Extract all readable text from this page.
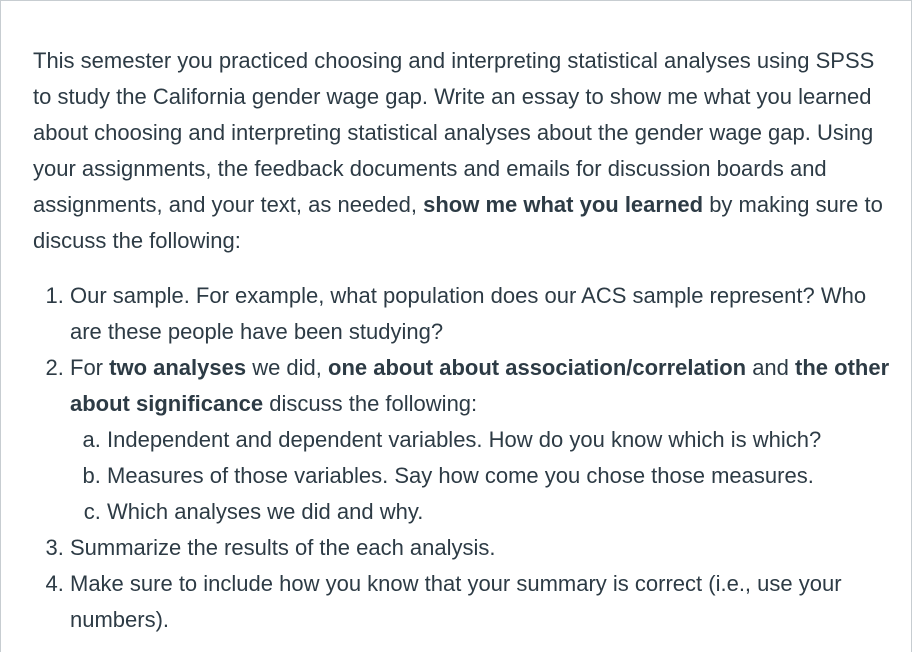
This semester you practiced choosing and interpreting statistical analyses using SPSS to study the California gender wage gap. Write an essay to show me what you learned about choosing and interpreting statistical analyses about the gender wage gap. Using your assignments, the feedback documents and emails for discussion boards and assignments, and your text, as needed, show me what you learned by making sure to discuss the following:

1. Our sample. For example, what population does our ACS sample represent? Who are these people have been studying?
2. For two analyses we did, one about about association/correlation and the other about significance discuss the following:
a. Independent and dependent variables. How do you know which is which?
b. Measures of those variables. Say how come you chose those measures.
c. Which analyses we did and why.
3. Summarize the results of the each analysis.
4. Make sure to include how you know that your summary is correct (i.e., use your numbers).
